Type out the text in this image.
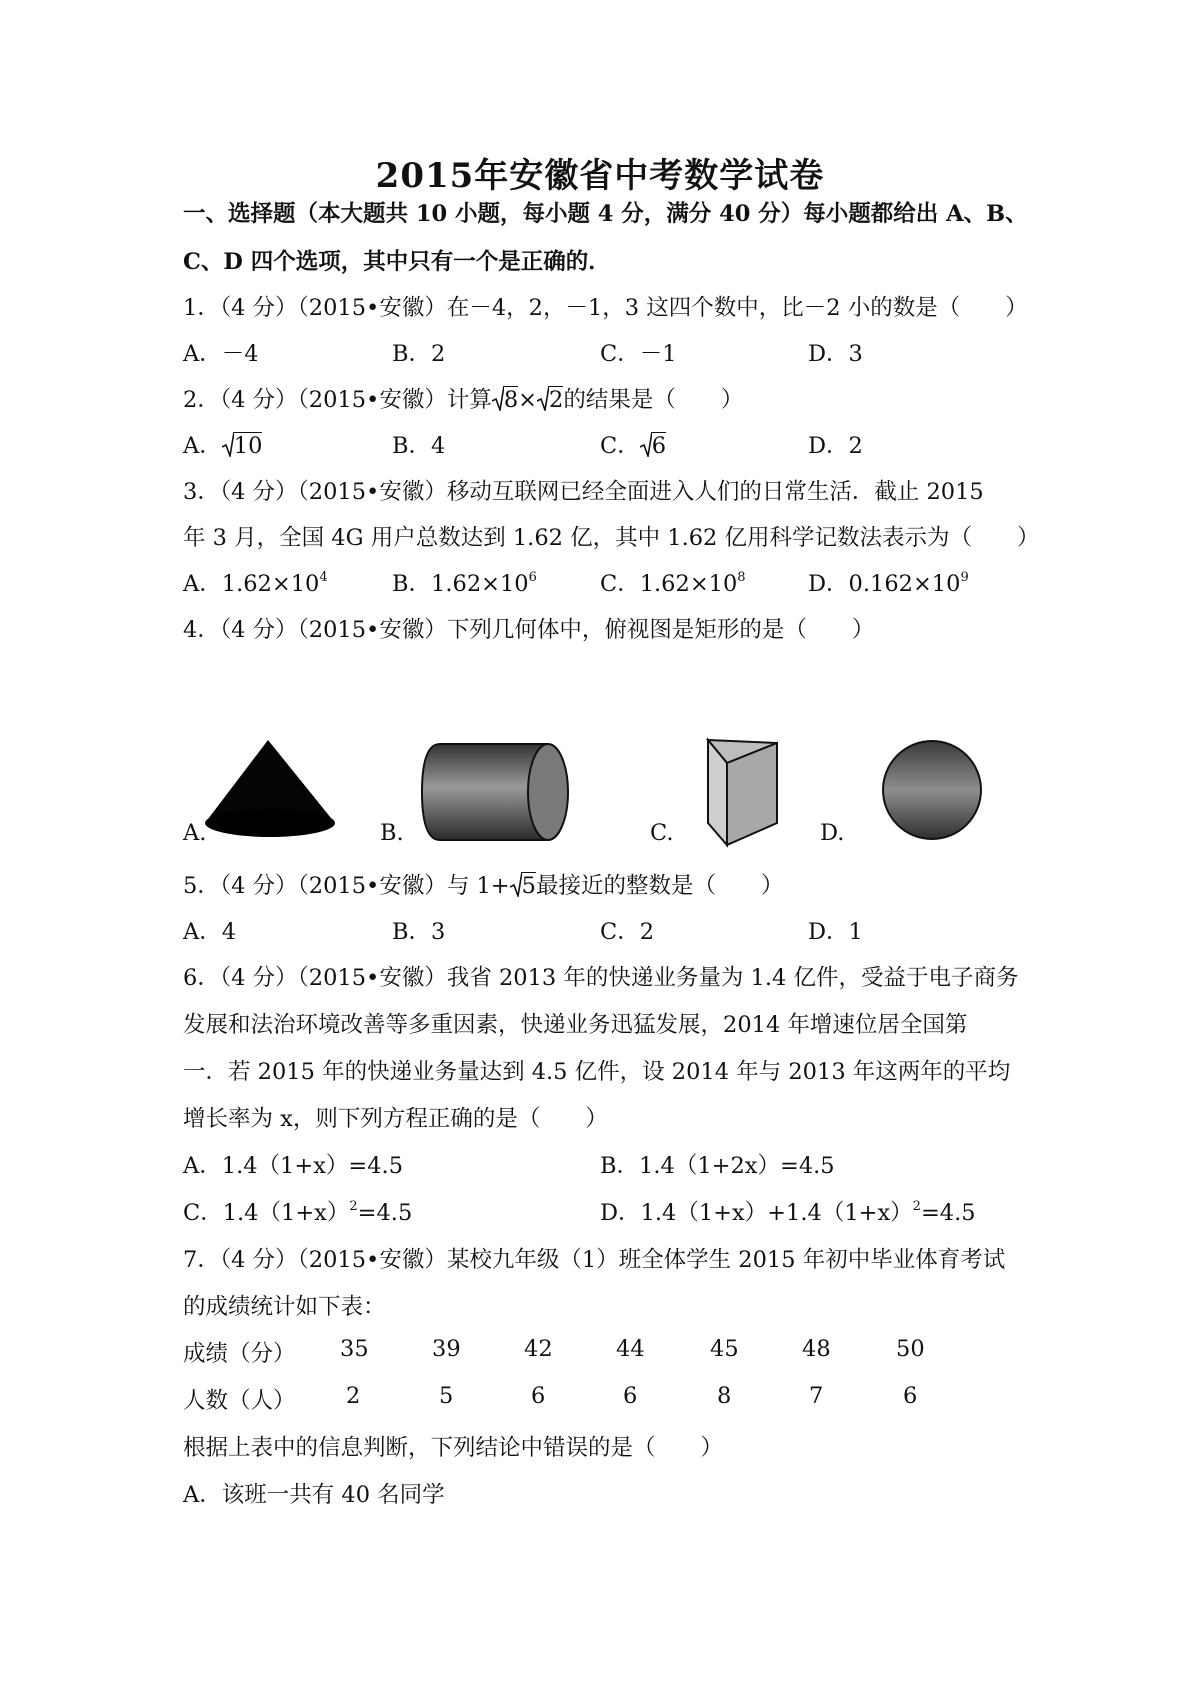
2015年安徽省中考数学试卷
一、选择题（本大题共 10 小题，每小题 4 分，满分 40 分）每小题都给出 A、B、
C、D 四个选项，其中只有一个是正确的．
1．（4 分）（2015•安徽）在－4，2，－1，3 这四个数中，比－2 小的数是（　　）
A．－4	B．2	C．－1	D．3
2．（4 分）（2015•安徽）计算 8× 2的结果是（　　）
A． 10	B．4	C． 6	D．2
3．（4 分）（2015•安徽）移动互联网已经全面进入人们的日常生活．截止 2015
年 3 月，全国 4G 用户总数达到 1.62 亿，其中 1.62 亿用科学记数法表示为（　　）
A．$1.62\times 10^4$	B．$1.62\times 10^6$	C．$1.62\times 10^8$	D．$0.162\times 10^9$
4．（4 分）（2015•安徽）下列几何体中，俯视图是矩形的是（　　）
A.	B.	C.	D.
5．（4 分）（2015•安徽）与 1+ 5最接近的整数是（　　）
A．4	B．3	C．2	D．1
6．（4 分）（2015•安徽）我省 2013 年的快递业务量为 1.4 亿件，受益于电子商务
发展和法治环境改善等多重因素，快递业务迅猛发展，2014 年增速位居全国第
一．若 2015 年的快递业务量达到 4.5 亿件，设 2014 年与 2013 年这两年的平均
增长率为 x，则下列方程正确的是（　　）
A．1.4（1+x）=4.5	B．1.4（1+2x）=4.5
C．$1.4(1+x)^2=4.5$	D．$1.4(1+x)+1.4(1+x)^2=4.5$
7．（4 分）（2015•安徽）某校九年级（1）班全体学生 2015 年初中毕业体育考试
的成绩统计如下表：
成绩（分） 35	39	42	44	45	48	50
人数（人） 2	5	6	6	8	7	6
根据上表中的信息判断，下列结论中错误的是（　　）
A．该班一共有 40 名同学
